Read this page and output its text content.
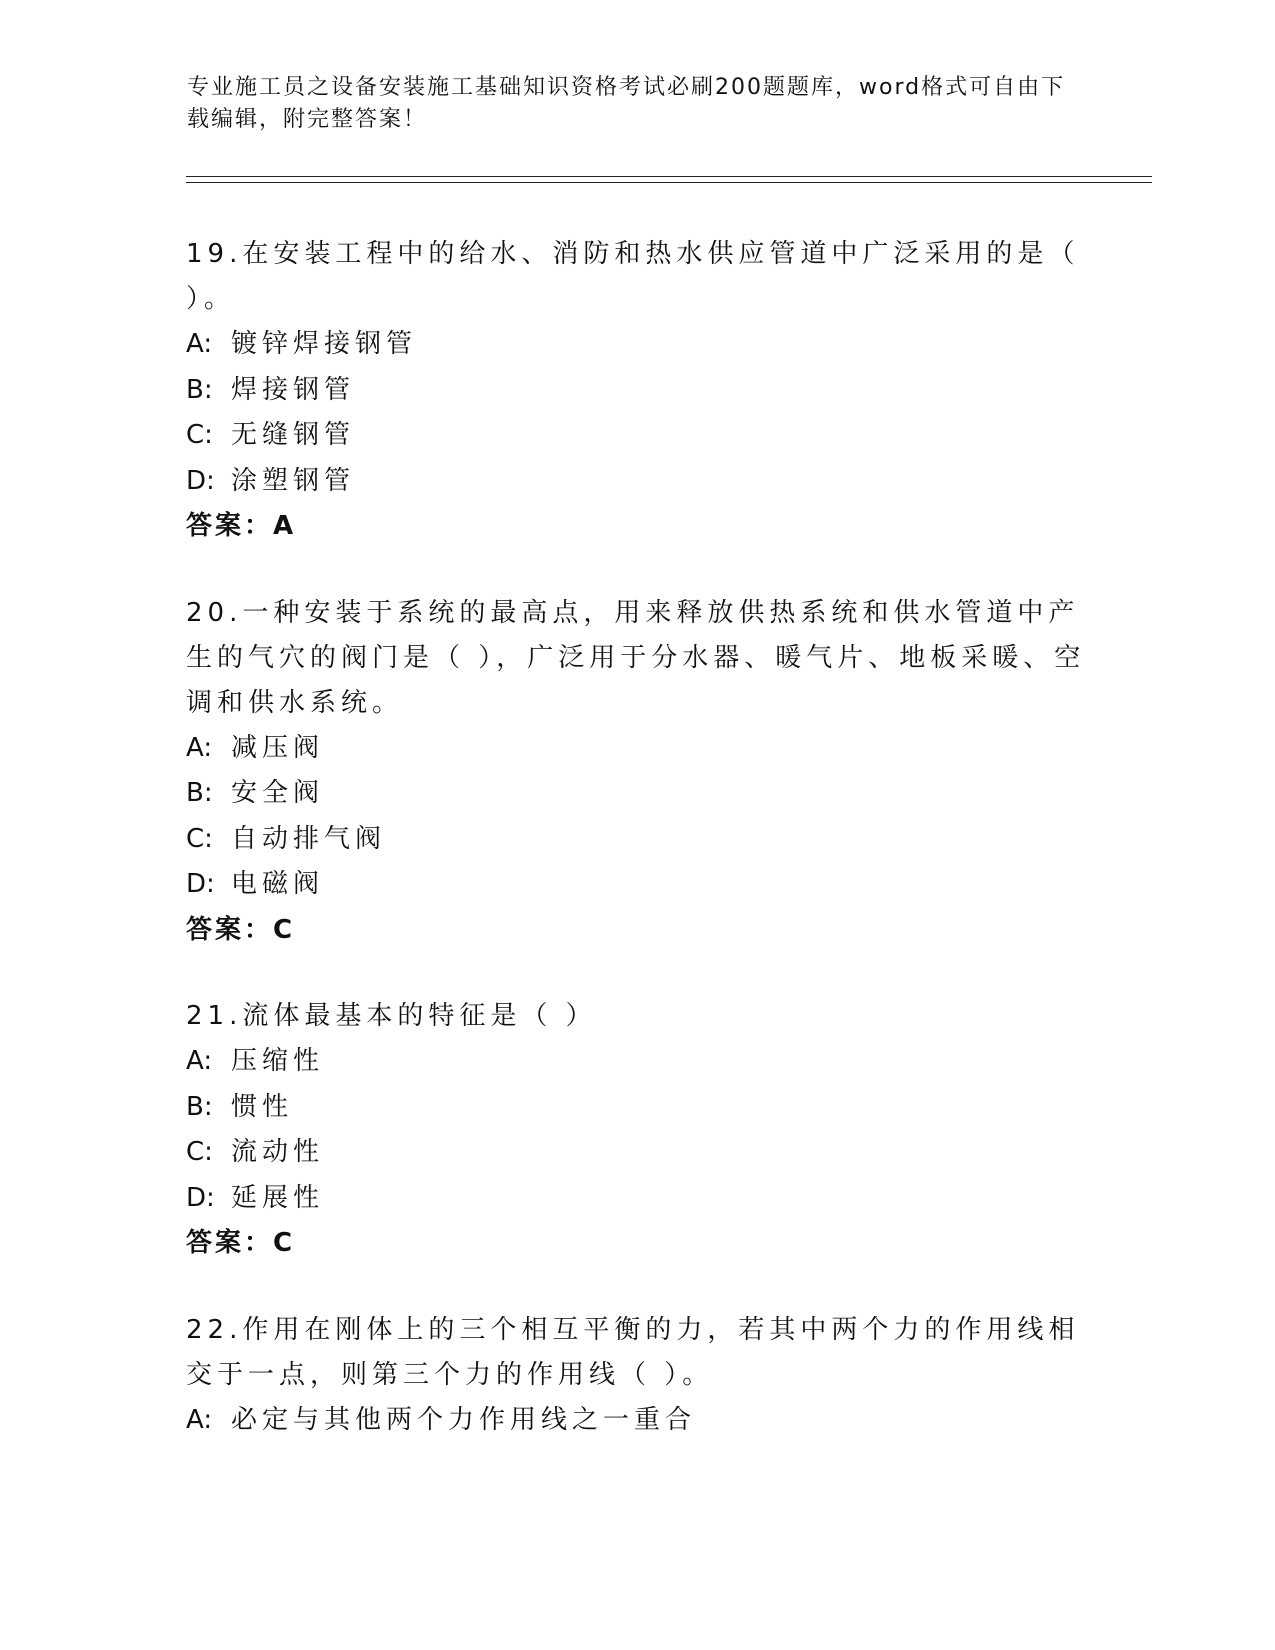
专业施工员之设备安装施工基础知识资格考试必刷200题题库，word格式可自由下载编辑，附完整答案！

19.在安装工程中的给水、消防和热水供应管道中广泛采用的是（ ）。

A: 镀锌焊接钢管
B: 焊接钢管
C: 无缝钢管
D: 涂塑钢管
答案：A

20.一种安装于系统的最高点，用来释放供热系统和供水管道中产生的气穴的阀门是（ ），广泛用于分水器、暖气片、地板采暖、空调和供水系统。

A: 减压阀
B: 安全阀
C: 自动排气阀
D: 电磁阀
答案：C

21.流体最基本的特征是（ ）

A: 压缩性
B: 惯性
C: 流动性
D: 延展性
答案：C

22.作用在刚体上的三个相互平衡的力，若其中两个力的作用线相交于一点，则第三个力的作用线（ ）。

A: 必定与其他两个力作用线之一重合
